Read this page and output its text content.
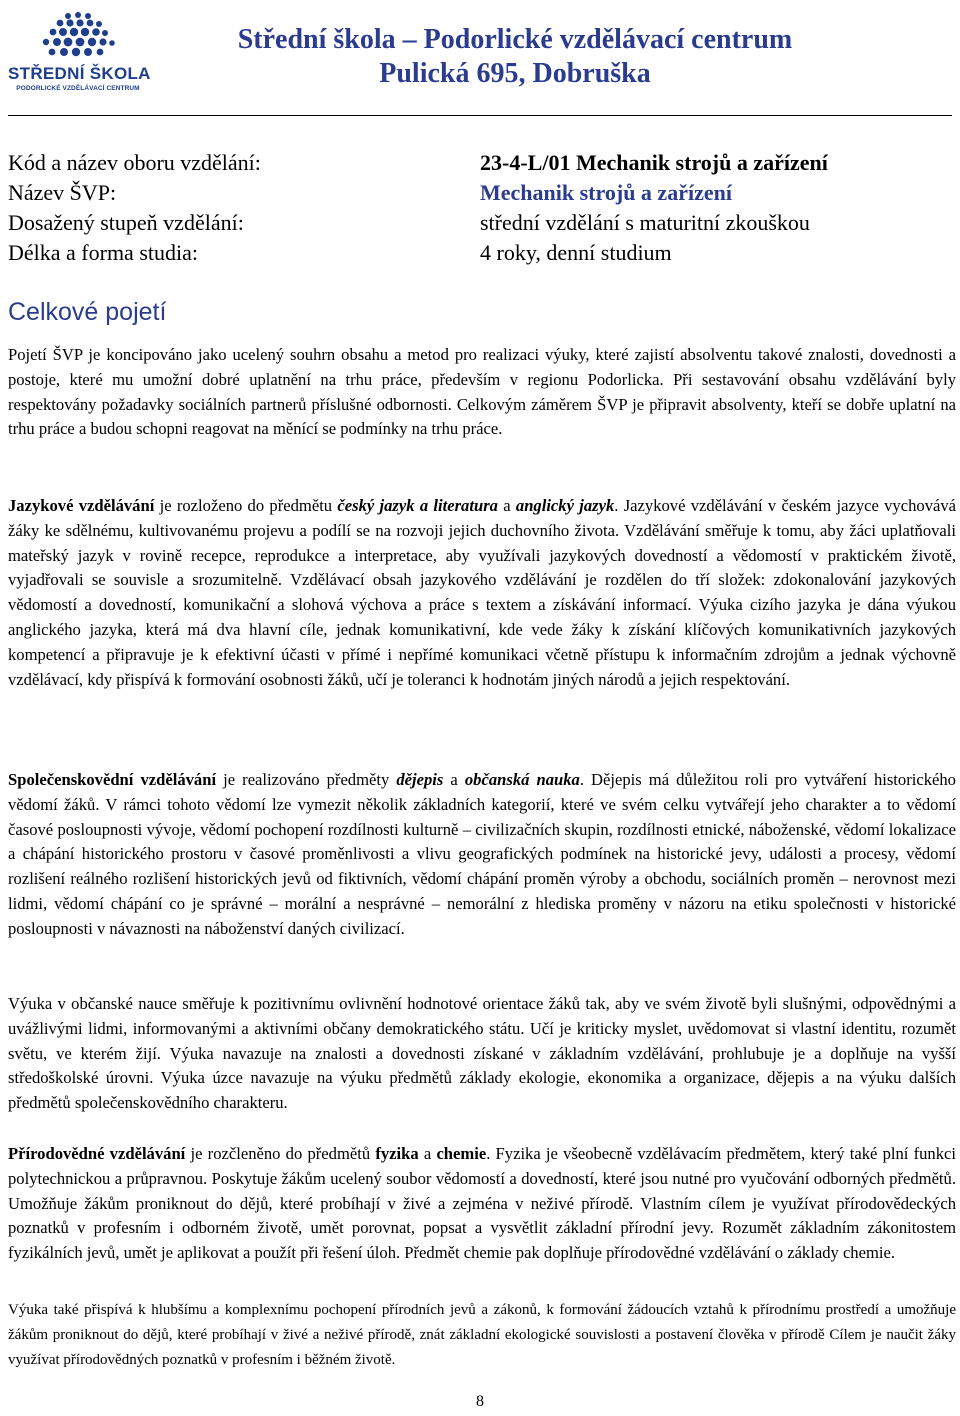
STŘEDNÍ ŠKOLA
PODORLICKÉ VZDĚLÁVACÍ CENTRUM
Střední škola – Podorlické vzdělávací centrum
Pulická 695, Dobruška
Kód a název oboru vzdělání:	23-4-L/01 Mechanik strojů a zařízení
Název ŠVP:	Mechanik strojů a zařízení
Dosažený stupeň vzdělání:	střední vzdělání s maturitní zkouškou
Délka a forma studia:	4 roky, denní studium
Celkové pojetí
Pojetí ŠVP je koncipováno jako ucelený souhrn obsahu a metod pro realizaci výuky, které zajistí absolventu takové znalosti, dovednosti a postoje, které mu umožní dobré uplatnění na trhu práce, především v regionu Podorlicka. Při sestavování obsahu vzdělávání byly respektovány požadavky sociálních partnerů příslušné odbornosti. Celkovým záměrem ŠVP je připravit absolventy, kteří se dobře uplatní na trhu práce a budou schopni reagovat na měnící se podmínky na trhu práce.
Jazykové vzdělávání je rozloženo do předmětu český jazyk a literatura a anglický jazyk. Jazykové vzdělávání v českém jazyce vychovává žáky ke sdělnému, kultivovanému projevu a podílí se na rozvoji jejich duchovního života. Vzdělávání směřuje k tomu, aby žáci uplatňovali mateřský jazyk v rovině recepce, reprodukce a interpretace, aby využívali jazykových dovedností a vědomostí v praktickém životě, vyjadřovali se souvisle a srozumitelně. Vzdělávací obsah jazykového vzdělávání je rozdělen do tří složek: zdokonalování jazykových vědomostí a dovedností, komunikační a slohová výchova a práce s textem a získávání informací. Výuka cizího jazyka je dána výukou anglického jazyka, která má dva hlavní cíle, jednak komunikativní, kde vede žáky k získání klíčových komunikativních jazykových kompetencí a připravuje je k efektivní účasti v přímé i nepřímé komunikaci včetně přístupu k informačním zdrojům a jednak výchovně vzdělávací, kdy přispívá k formování osobnosti žáků, učí je toleranci k hodnotám jiných národů a jejich respektování.
Společenskovědní vzdělávání je realizováno předměty dějepis a občanská nauka. Dějepis má důležitou roli pro vytváření historického vědomí žáků. V rámci tohoto vědomí lze vymezit několik základních kategorií, které ve svém celku vytvářejí jeho charakter a to vědomí časové posloupnosti vývoje, vědomí pochopení rozdílnosti kulturně – civilizačních skupin, rozdílnosti etnické, náboženské, vědomí lokalizace a chápání historického prostoru v časové proměnlivosti a vlivu geografických podmínek na historické jevy, události a procesy, vědomí rozlišení reálného rozlišení historických jevů od fiktivních, vědomí chápání proměn výroby a obchodu, sociálních proměn – nerovnost mezi lidmi, vědomí chápání co je správné – morální a nesprávné – nemorální z hlediska proměny v názoru na etiku společnosti v historické posloupnosti v návaznosti na náboženství daných civilizací.
Výuka v občanské nauce směřuje k pozitivnímu ovlivnění hodnotové orientace žáků tak, aby ve svém životě byli slušnými, odpovědnými a uvážlivými lidmi, informovanými a aktivními občany demokratického státu. Učí je kriticky myslet, uvědomovat si vlastní identitu, rozumět světu, ve kterém žijí. Výuka navazuje na znalosti a dovednosti získané v základním vzdělávání, prohlubuje je a doplňuje na vyšší středoškolské úrovni. Výuka úzce navazuje na výuku předmětů základy ekologie, ekonomika a organizace, dějepis a na výuku dalších předmětů společenskovědního charakteru.
Přírodovědné vzdělávání je rozčleněno do předmětů fyzika a chemie. Fyzika je všeobecně vzdělávacím předmětem, který také plní funkci polytechnickou a průpravnou. Poskytuje žákům ucelený soubor vědomostí a dovedností, které jsou nutné pro vyučování odborných předmětů. Umožňuje žákům proniknout do dějů, které probíhají v živé a zejména v neživé přírodě. Vlastním cílem je využívat přírodovědeckých poznatků v profesním i odborném životě, umět porovnat, popsat a vysvětlit základní přírodní jevy. Rozumět základním zákonitostem fyzikálních jevů, umět je aplikovat a použít při řešení úloh. Předmět chemie pak doplňuje přírodovědné vzdělávání o základy chemie.
Výuka také přispívá k hlubšímu a komplexnímu pochopení přírodních jevů a zákonů, k formování žádoucích vztahů k přírodnímu prostředí a umožňuje žákům proniknout do dějů, které probíhají v živé a neživé přírodě, znát základní ekologické souvislosti a postavení člověka v přírodě Cílem je naučit žáky využívat přírodovědných poznatků v profesním i běžném životě.
8
